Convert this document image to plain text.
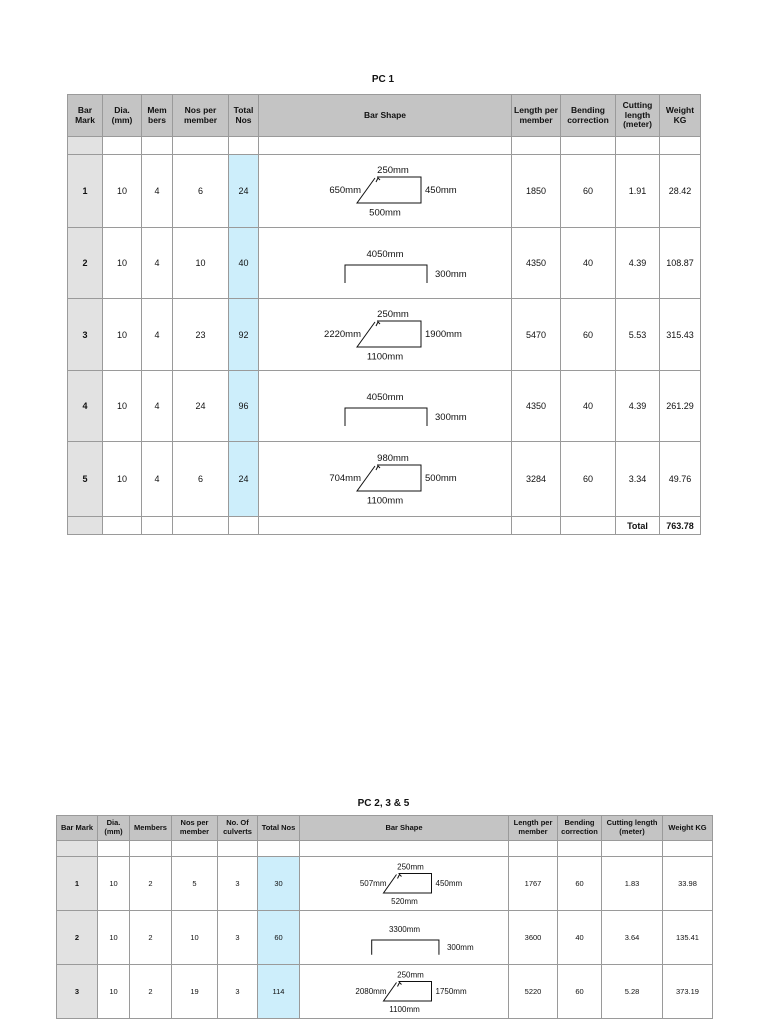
PC 1
Bar Mark	Dia. (mm)	Mem bers	Nos per member	Total Nos	Bar Shape	Length per member	Bending correction	Cutting length (meter)	Weight KG

1	10	4	6	24	250mm
650mm 450mm
500mm	1850	60	1.91	28.42
2	10	4	10	40	4050mm
300mm	4350	40	4.39	108.87
3	10	4	23	92	250mm
2220mm 1900mm
1100mm	5470	60	5.53	315.43
4	10	4	24	96	4050mm
300mm	4350	40	4.39	261.29
5	10	4	6	24	980mm
704mm 500mm
1100mm	3284	60	3.34	49.76
								Total	763.78
PC 2, 3 & 5
Bar Mark	Dia. (mm)	Members	Nos per member	No. Of culverts	Total Nos	Bar Shape	Length per member	Bending correction	Cutting length (meter)	Weight KG

1	10	2	5	3	30	250mm
507mm 450mm
520mm	1767	60	1.83	33.98
2	10	2	10	3	60	3300mm
300mm	3600	40	3.64	135.41
3	10	2	19	3	114	250mm
2080mm 1750mm
1100mm	5220	60	5.28	373.19
